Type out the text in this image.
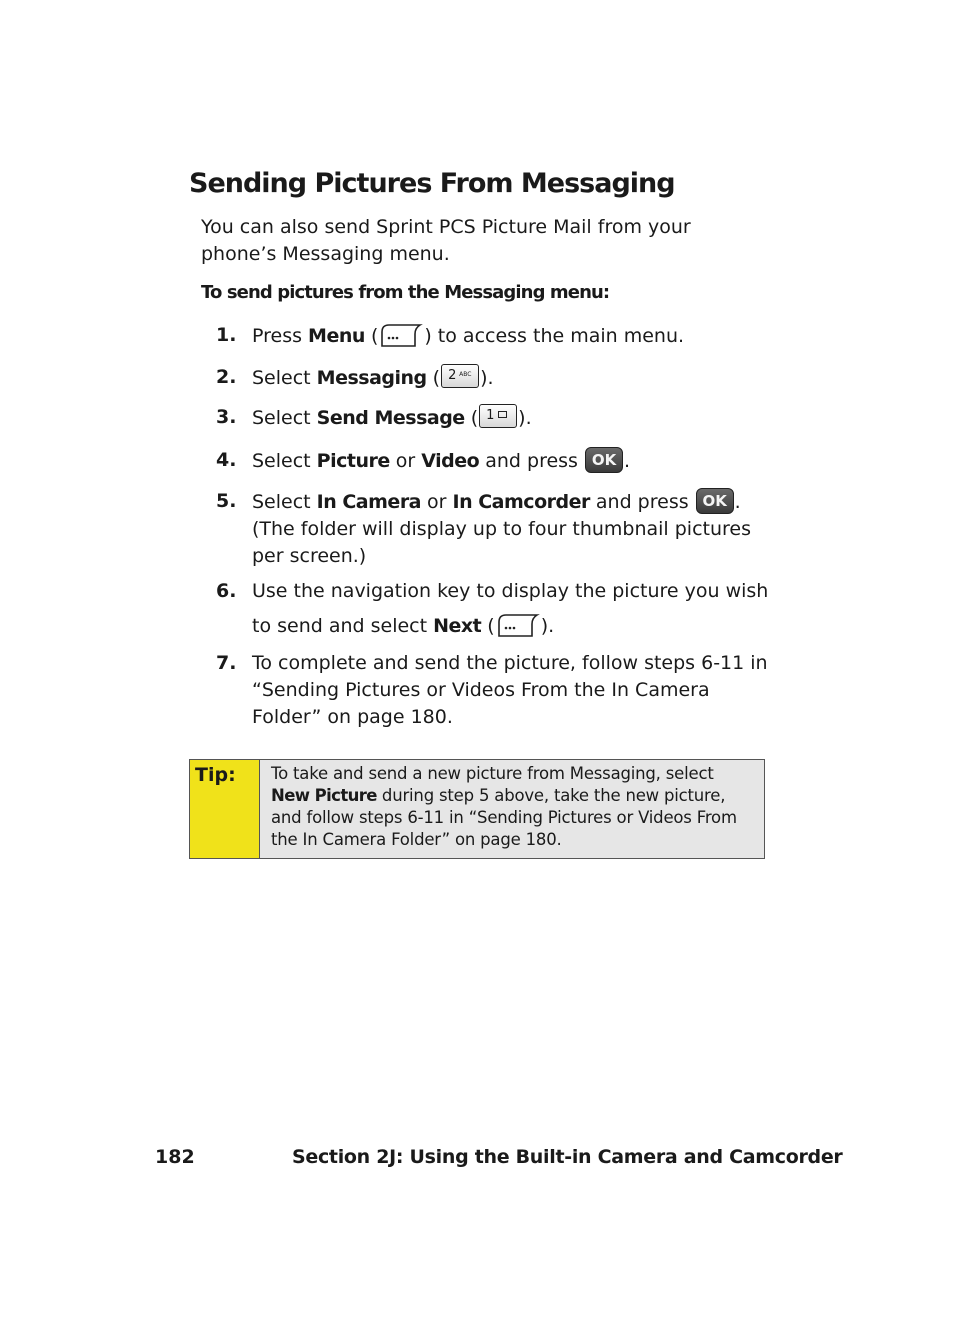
Sending Pictures From Messaging

You can also send Sprint PCS Picture Mail from your phone’s Messaging menu.

To send pictures from the Messaging menu:

1. Press Menu ( ) to access the main menu.
2. Select Messaging ( 2 ABC ).
3. Select Send Message ( 1 ).
4. Select Picture or Video and press OK .
5. Select In Camera or In Camcorder and press OK . (The folder will display up to four thumbnail pictures per screen.)
6. Use the navigation key to display the picture you wish
to send and select Next ( ).
7. To complete and send the picture, follow steps 6-11 in “Sending Pictures or Videos From the In Camera Folder” on page 180.
Tip: To take and send a new picture from Messaging, select New Picture during step 5 above, take the new picture, and follow steps 6-11 in “Sending Pictures or Videos From the In Camera Folder” on page 180.
182	Section 2J: Using the Built-in Camera and Camcorder
